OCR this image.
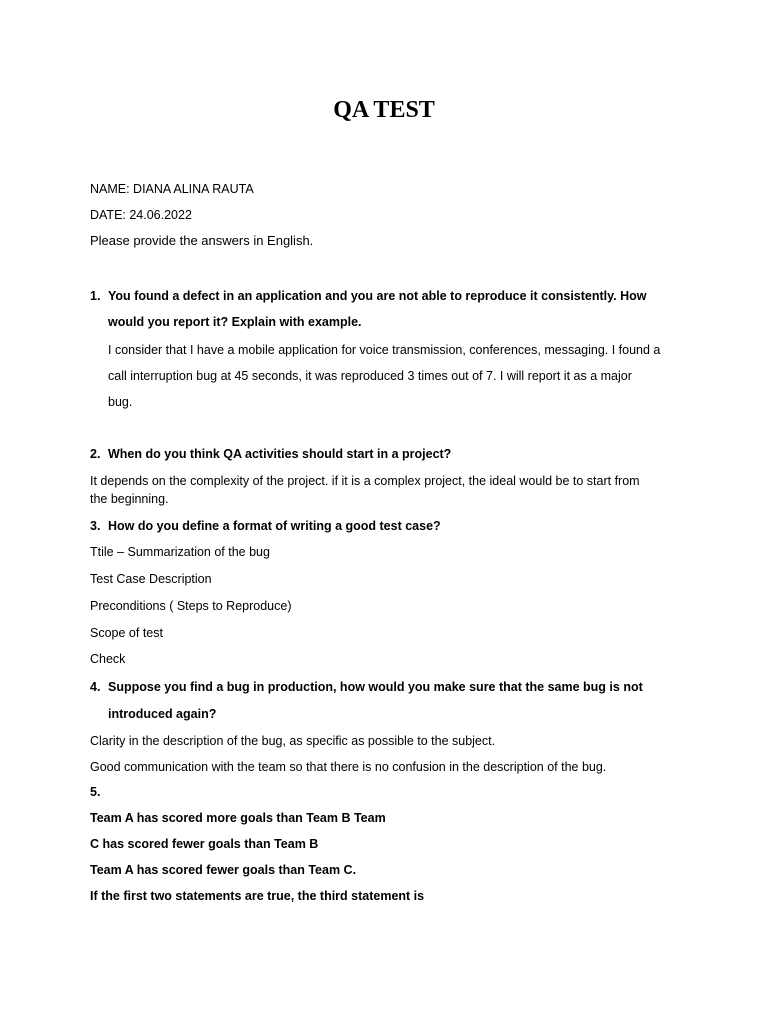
QA TEST

NAME: DIANA ALINA RAUTA

DATE: 24.06.2022

Please provide the answers in English.

1. You found a defect in an application and you are not able to reproduce it consistently. How

would you report it? Explain with example.

I consider that I have a mobile application for voice transmission, conferences, messaging. I found a

call interruption bug at 45 seconds, it was reproduced 3 times out of 7. I will report it as a major

bug.

2. When do you think QA activities should start in a project?

It depends on the complexity of the project. if it is a complex project, the ideal would be to start from

the beginning.

3. How do you define a format of writing a good test case?

Ttile – Summarization of the bug

Test Case Description

Preconditions ( Steps to Reproduce)

Scope of test

Check

4. Suppose you find a bug in production, how would you make sure that the same bug is not

introduced again?

Clarity in the description of the bug, as specific as possible to the subject.

Good communication with the team so that there is no confusion in the description of the bug.

5.

Team A has scored more goals than Team B Team

C has scored fewer goals than Team B

Team A has scored fewer goals than Team C.

If the first two statements are true, the third statement is
